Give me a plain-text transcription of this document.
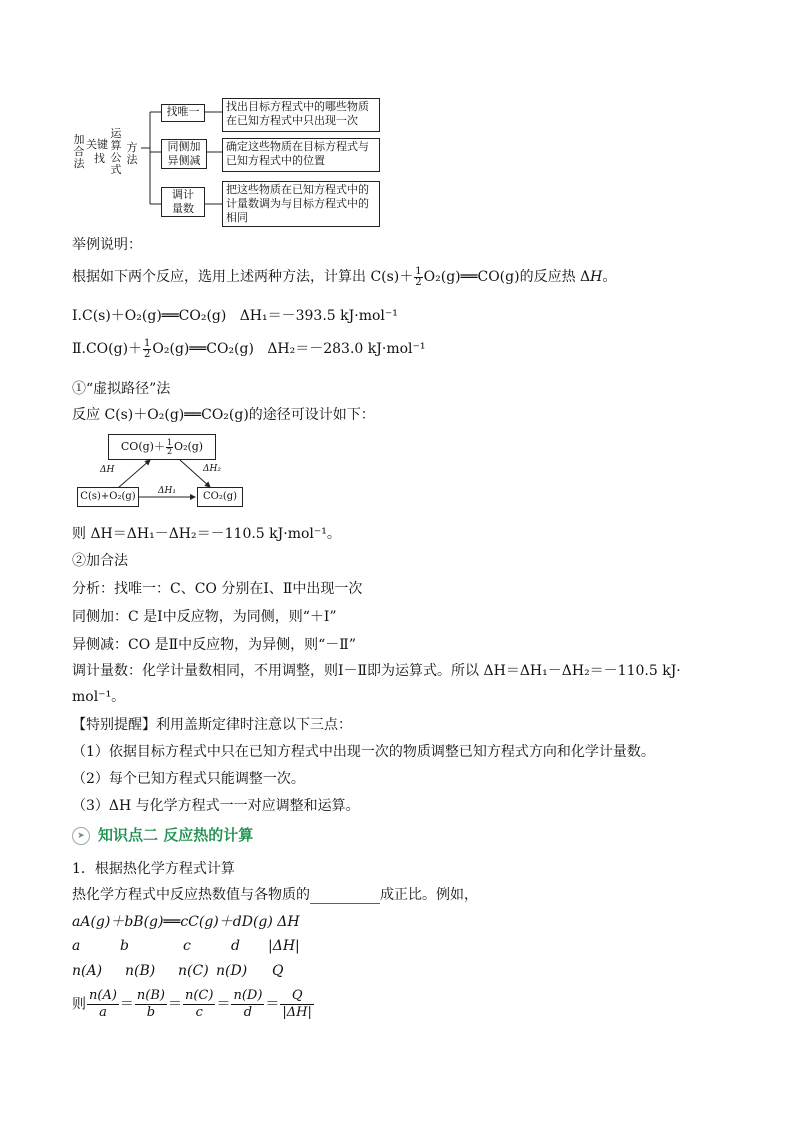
加合法
关键
找
运算公式
方法
找唯一	找出目标方程式中的哪些物质在已知方程式中只出现一次
同侧加异侧减
确定这些物质在目标方程式与已知方程式中的位置
调计量数
把这些物质在已知方程式中的计量数调为与目标方程式中的相同
举例说明：
根据如下两个反应，选用上述两种方法，计算出 $C(s)+ \frac{1}{2}$ O₂(g)══CO(g)的反应热 ΔH。
Ⅰ.C(s)＋O₂(g)══CO₂(g) ΔH₁＝－393.5 kJ·mol⁻¹
Ⅱ.CO(g)＋ $\frac{1}{2}$ O₂(g)══CO₂(g) ΔH₂＝－283.0 kJ·mol⁻¹
①“虚拟路径”法
反应 C(s)＋O₂(g)══CO₂(g)的途径可设计如下：
$CO(g)+ \frac{1}{2} O_2(g)$
C(s)+O₂(g)	CO₂(g)
ΔH	ΔH₂
ΔH₁
则 ΔH＝ΔH₁－ΔH₂＝－110.5 kJ·mol⁻¹。
②加合法
分析：找唯一：C、CO 分别在Ⅰ、Ⅱ中出现一次
同侧加：C 是Ⅰ中反应物，为同侧，则“＋Ⅰ”
异侧减：CO 是Ⅱ中反应物，为异侧，则“－Ⅱ”
调计量数：化学计量数相同，不用调整，则Ⅰ－Ⅱ即为运算式。所以 ΔH＝ΔH₁－ΔH₂＝－110.5 kJ·
mol⁻¹。
【特别提醒】利用盖斯定律时注意以下三点：
（1）依据目标方程式中只在已知方程式中出现一次的物质调整已知方程式方向和化学计量数。
（2）每个已知方程式只能调整一次。
（3）ΔH 与化学方程式一一对应调整和运算。
➤ 知识点二 反应热的计算
1．根据热化学方程式计算
热化学方程式中反应热数值与各物质的	成正比。例如，
aA(g)＋bB(g)══cC(g)＋dD(g) ΔH
a	b	c	d |ΔH|
n(A) n(B) n(C) n(D) Q
则 $\frac{n(A)}{a} = \frac{n(B)}{b} = \frac{n(C)}{c} = \frac{n(D)}{d} = \frac{Q}{|\Delta H|}$
